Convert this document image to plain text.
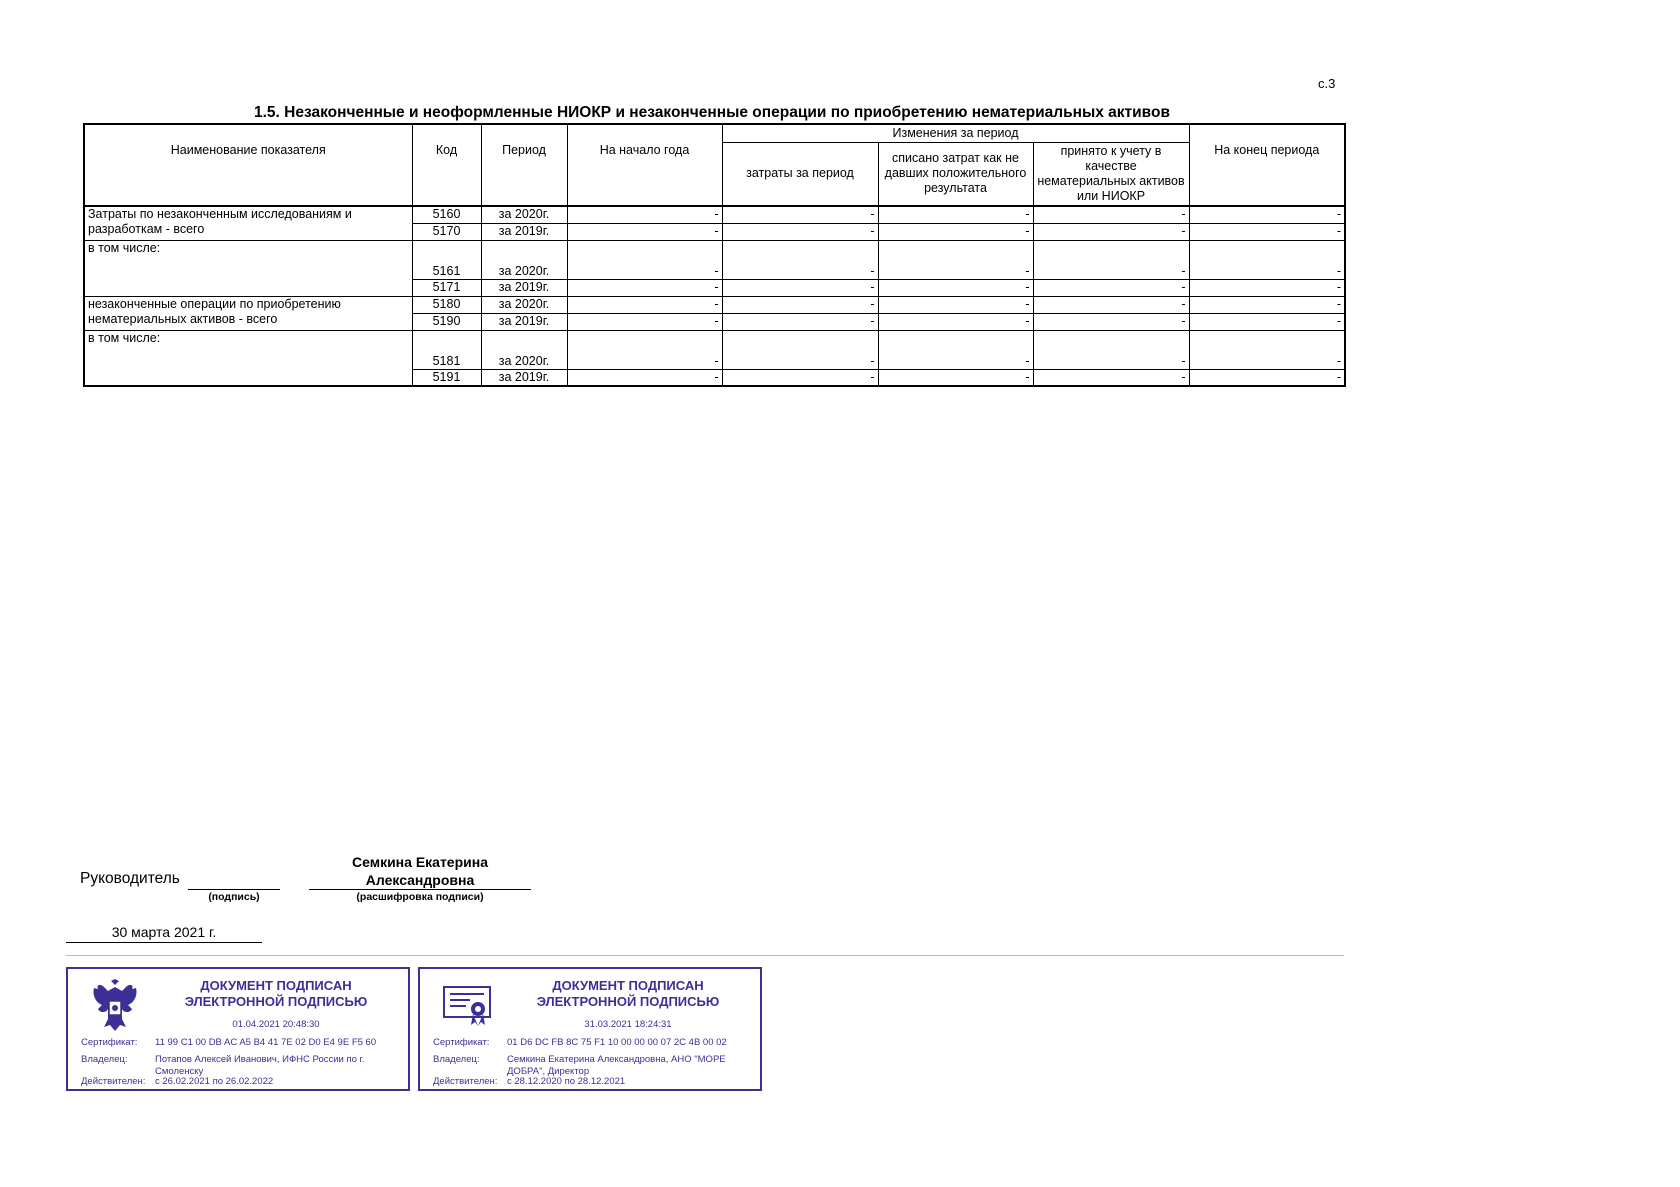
с.3
1.5. Незаконченные и неоформленные НИОКР и незаконченные операции по приобретению нематериальных активов
Наименование показателя	Код	Период	На начало года	Изменения за период			На конец периода
				затраты за период	списано затрат как не давших положительного результата	принято к учету в качестве нематериальных активов или НИОКР	
Затраты по незаконченным исследованиям и разработкам - всего	5160	за 2020г.	-	-	-	-	-
	5170	за 2019г.	-	-	-	-	-
в том числе:	5161	за 2020г.	-	-	-	-	-
	5171	за 2019г.	-	-	-	-	-
незаконченные операции по приобретению нематериальных активов - всего	5180	за 2020г.	-	-	-	-	-
	5190	за 2019г.	-	-	-	-	-
в том числе:	5181	за 2020г.	-	-	-	-	-
	5191	за 2019г.	-	-	-	-	-
Руководитель
(подпись)
Семкина Екатерина Александровна
(расшифровка подписи)
30 марта 2021 г.
ДОКУМЕНТ ПОДПИСАН ЭЛЕКТРОННОЙ ПОДПИСЬЮ
01.04.2021 20:48:30
Сертификат:	11 99 C1 00 DB AC A5 B4 41 7E 02 D0 E4 9E F5 60
Владелец:	Потапов Алексей Иванович, ИФНС России по г. Смоленску
Действителен:	с 26.02.2021 по 26.02.2022
ДОКУМЕНТ ПОДПИСАН ЭЛЕКТРОННОЙ ПОДПИСЬЮ
31.03.2021 18:24:31
Сертификат:	01 D6 DC FB 8C 75 F1 10 00 00 00 07 2C 4B 00 02
Владелец:	Семкина Екатерина Александровна, АНО "МОРЕ ДОБРА", Директор
Действителен:	с 28.12.2020 по 28.12.2021
